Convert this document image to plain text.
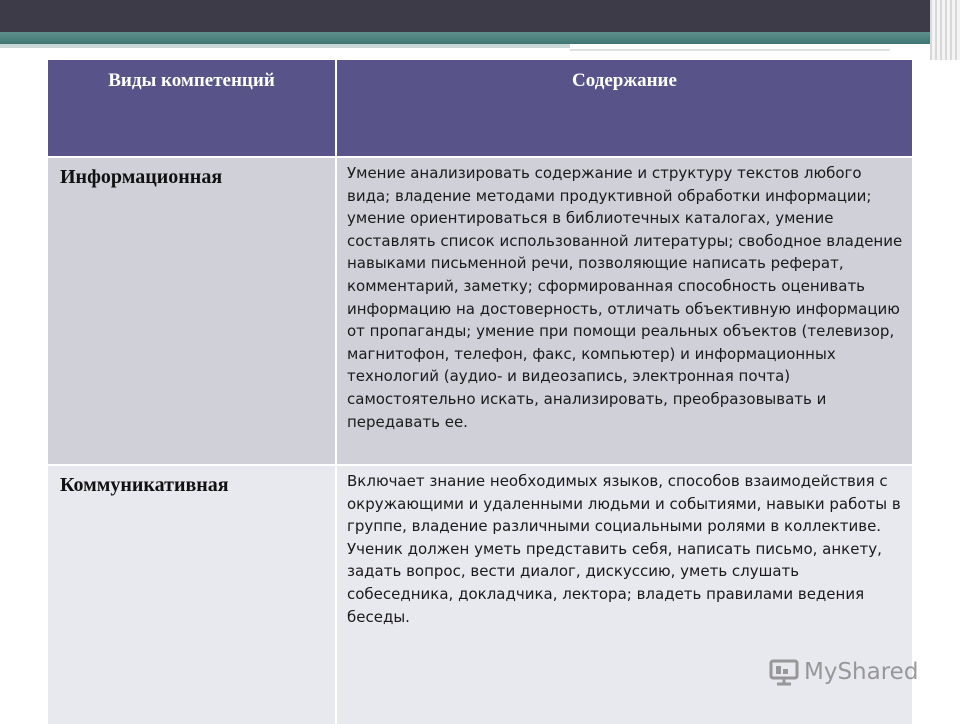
Виды компетенций	Содержание
Информационная	Умение анализировать содержание и структуру текстов любого вида; владение методами продуктивной обработки информации; умение ориентироваться в библиотечных каталогах, умение составлять список использованной литературы; свободное владение навыками письменной речи, позволяющие написать реферат, комментарий, заметку; сформированная способность оценивать информацию на достоверность, отличать объективную информацию от пропаганды; умение при помощи реальных объектов (телевизор, магнитофон, телефон, факс, компьютер) и информационных технологий (аудио- и видеозапись, электронная почта) самостоятельно искать, анализировать, преобразовывать и передавать ее.
Коммуникативная	Включает знание необходимых языков, способов взаимодействия с окружающими и удаленными людьми и событиями, навыки работы в группе, владение различными социальными ролями в коллективе. Ученик должен уметь представить себя, написать письмо, анкету, задать вопрос, вести диалог, дискуссию, уметь слушать собеседника, докладчика, лектора; владеть правилами ведения беседы.
MyShared
